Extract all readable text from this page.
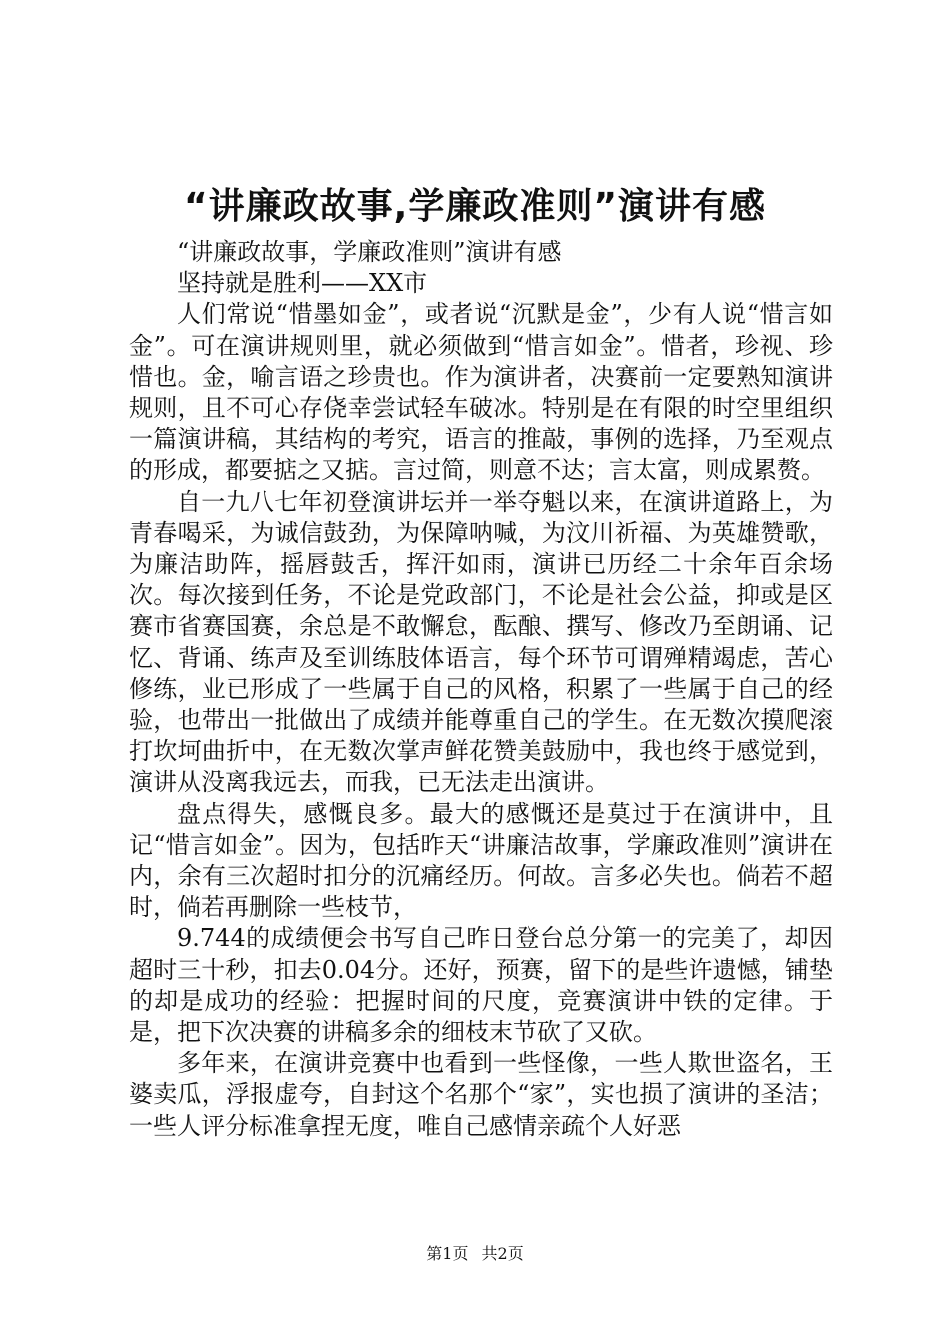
“讲廉政故事,学廉政准则”演讲有感

“讲廉政故事，学廉政准则”演讲有感

坚持就是胜利——XX市

人们常说“惜墨如金”，或者说“沉默是金”，少有人说“惜言如金”。可在演讲规则里，就必须做到“惜言如金”。惜者，珍视、珍惜也。金，喻言语之珍贵也。作为演讲者，决赛前一定要熟知演讲规则，且不可心存侥幸尝试轻车破冰。特别是在有限的时空里组织一篇演讲稿，其结构的考究，语言的推敲，事例的选择，乃至观点的形成，都要掂之又掂。言过简，则意不达；言太富，则成累赘。

自一九八七年初登演讲坛并一举夺魁以来，在演讲道路上，为青春喝采，为诚信鼓劲，为保障呐喊，为汶川祈福、为英雄赞歌，为廉洁助阵，摇唇鼓舌，挥汗如雨，演讲已历经二十余年百余场次。每次接到任务，不论是党政部门，不论是社会公益，抑或是区赛市省赛国赛，余总是不敢懈怠，酝酿、撰写、修改乃至朗诵、记忆、背诵、练声及至训练肢体语言，每个环节可谓殚精竭虑，苦心修练，业已形成了一些属于自己的风格，积累了一些属于自己的经验，也带出一批做出了成绩并能尊重自己的学生。在无数次摸爬滚打坎坷曲折中，在无数次掌声鲜花赞美鼓励中，我也终于感觉到，演讲从没离我远去，而我，已无法走出演讲。

盘点得失，感慨良多。最大的感慨还是莫过于在演讲中，且记“惜言如金”。因为，包括昨天“讲廉洁故事，学廉政准则”演讲在内，余有三次超时扣分的沉痛经历。何故。言多必失也。倘若不超时，倘若再删除一些枝节，

9.744的成绩便会书写自己昨日登台总分第一的完美了，却因超时三十秒，扣去0.04分。还好，预赛，留下的是些许遗憾，铺垫的却是成功的经验：把握时间的尺度，竞赛演讲中铁的定律。于是，把下次决赛的讲稿多余的细枝末节砍了又砍。

多年来，在演讲竞赛中也看到一些怪像，一些人欺世盗名，王婆卖瓜，浮报虚夸，自封这个名那个“家”，实也损了演讲的圣洁；一些人评分标准拿捏无度，唯自己感情亲疏个人好恶

第1页 共2页
